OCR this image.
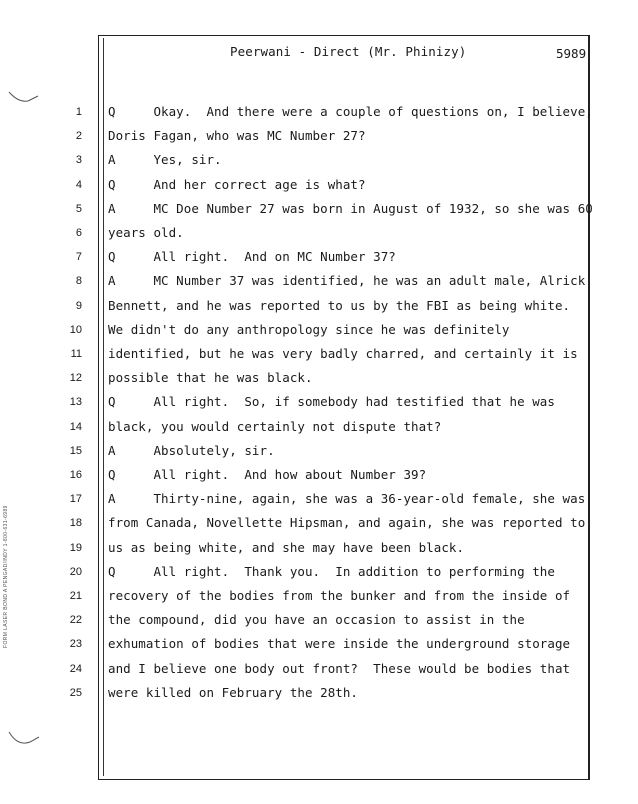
Peerwani - Direct (Mr. Phinizy)	5989
1 Q     Okay.  And there were a couple of questions on, I believe,
2 Doris Fagan, who was MC Number 27?
3 A     Yes, sir.
4 Q     And her correct age is what?
5 A     MC Doe Number 27 was born in August of 1932, so she was 60
6 years old.
7 Q     All right.  And on MC Number 37?
8 A     MC Number 37 was identified, he was an adult male, Alrick
9 Bennett, and he was reported to us by the FBI as being white.
10 We didn't do any anthropology since he was definitely
11 identified, but he was very badly charred, and certainly it is
12 possible that he was black.
13 Q     All right.  So, if somebody had testified that he was
14 black, you would certainly not dispute that?
15 A     Absolutely, sir.
16 Q     All right.  And how about Number 39?
17 A     Thirty-nine, again, she was a 36-year-old female, she was
18 from Canada, Novellette Hipsman, and again, she was reported to
19 us as being white, and she may have been black.
20 Q     All right.  Thank you.  In addition to performing the
21 recovery of the bodies from the bunker and from the inside of
22 the compound, did you have an occasion to assist in the
23 exhumation of bodies that were inside the underground storage
24 and I believe one body out front?  These would be bodies that
25 were killed on February the 28th.
FORM LASER BOND A PENGAD/INDY 1-800-631-6989
